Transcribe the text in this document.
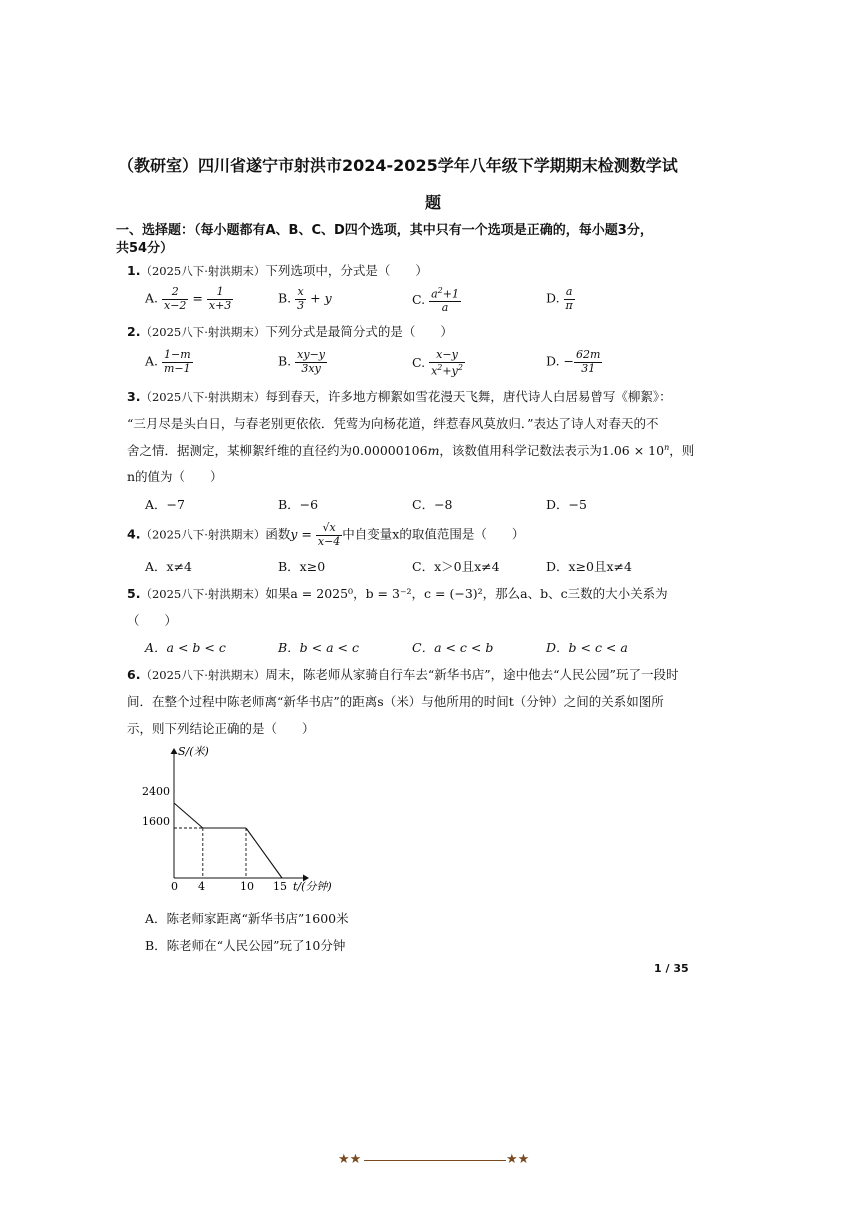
（教研室）四川省遂宁市射洪市2024-2025学年八年级下学期期末检测数学试
题
一、选择题：（每小题都有A、B、C、D四个选项，其中只有一个选项是正确的，每小题3分，
共54分）
1.（2025八下·射洪期末）下列选项中，分式是（　　）
A. $\frac{2}{x-2} = \frac{1}{x+3}$	B. $\frac{x}{3} + y$	C. $\frac{a^2+1}{a}$	D. $\frac{a}{\pi}$
2.（2025八下·射洪期末）下列分式是最简分式的是（　　）
A. $\frac{1-m}{m-1}$	B. $\frac{xy-y}{3xy}$	C. $\frac{x-y}{x^2+y^2}$	D. − $\frac{62m}{31}$
3.（2025八下·射洪期末）每到春天，许多地方柳絮如雪花漫天飞舞，唐代诗人白居易曾写《柳絮》：
“三月尽是头白日，与春老别更依依．凭莺为向杨花道，绊惹春风莫放归．”表达了诗人对春天的不
舍之情．据测定，某柳絮纤维的直径约为0.00000106m，该数值用科学记数法表示为$1.06 \times 10^n$，则
n的值为（　　）
A．−7	B．−6	C．−8	D．−5
4.（2025八下·射洪期末）函数$y = \frac{√x}{x-4}$ 中自变量x的取值范围是（　　）
A．x≠4	B．x≥0	C．x＞0且x≠4	D．x≥0且x≠4
5.（2025八下·射洪期末）如果a = 2025⁰，b = 3⁻²，c = (−3)²，那么a、b、c三数的大小关系为
（　　）
A．a < b < c	B．b < a < c	C．a < c < b	D．b < c < a
6.（2025八下·射洪期末）周末，陈老师从家骑自行车去“新华书店”，途中他去“人民公园”玩了一段时
间．在整个过程中陈老师离“新华书店”的距离s（米）与他所用的时间t（分钟）之间的关系如图所
示，则下列结论正确的是（　　）
S/(米)
t/(分钟)
2400
1600
0 4	10 15
A．陈老师家距离“新华书店”1600米
B．陈老师在“人民公园”玩了10分钟
1 / 35
★★	★★
